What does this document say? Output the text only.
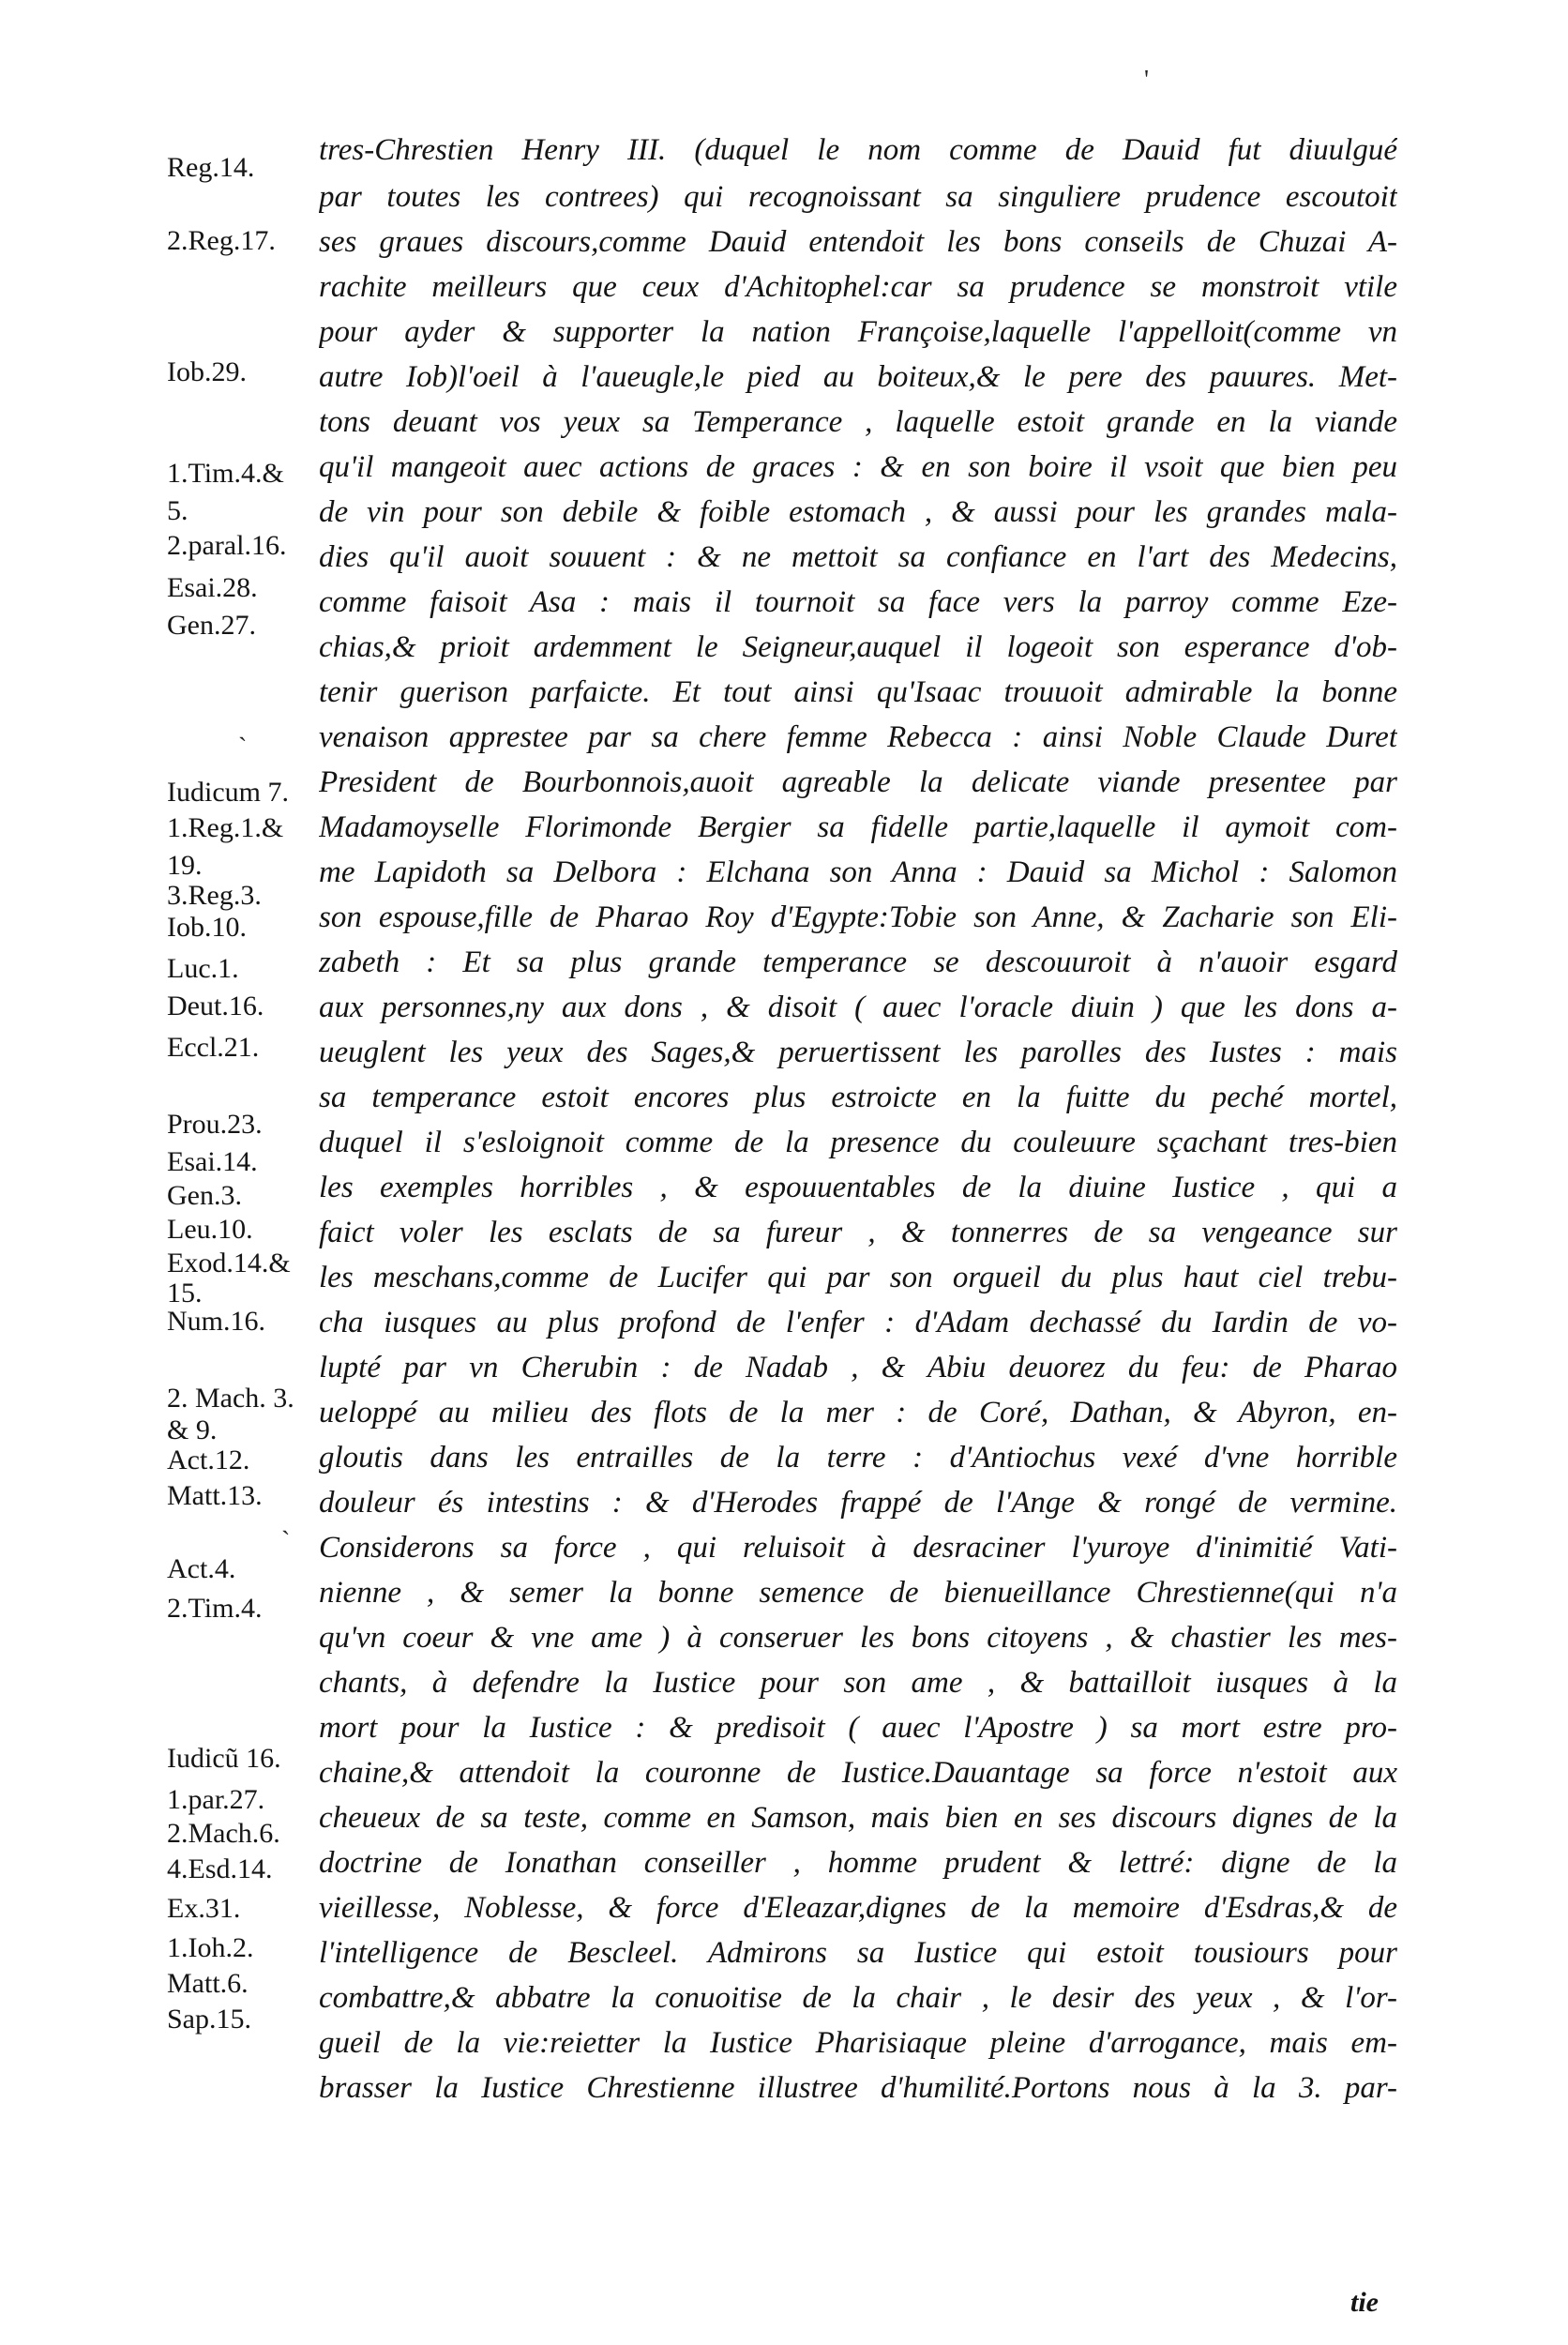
Reg.14.
2.Reg.17.
Iob.29.
1.Tim.4.&
5.
2.paral.16.
Esai.28.
Gen.27.
Iudicum 7.
1.Reg.1.&
19.
3.Reg.3.
Iob.10.
Luc.1.
Deut.16.
Eccl.21.
Prou.23.
Esai.14.
Gen.3.
Leu.10.
Exod.14.&
15.
Num.16.
2. Mach. 3.
& 9.
Act.12.
Matt.13.
Act.4.
2.Tim.4.
Iudicũ 16.
1.par.27.
2.Mach.6.
4.Esd.14.
Ex.31.
1.Ioh.2.
Matt.6.
Sap.15.
'
ˏ
ˏ
tres-Chrestien Henry III. (duquel le nom comme de Dauid fut diuulgué
par toutes les contrees) qui recognoissant sa singuliere prudence escoutoit
ses graues discours,comme Dauid entendoit les bons conseils de Chuzai A-
rachite meilleurs que ceux d'Achitophel:car sa prudence se monstroit vtile
pour ayder & supporter la nation Françoise,laquelle l'appelloit(comme vn
autre Iob)l'oeil à l'aueugle,le pied au boiteux,& le pere des pauures. Met-
tons deuant vos yeux sa Temperance , laquelle estoit grande en la viande
qu'il mangeoit auec actions de graces : & en son boire il vsoit que bien peu
de vin pour son debile & foible estomach , & aussi pour les grandes mala-
dies qu'il auoit souuent : & ne mettoit sa confiance en l'art des Medecins,
comme faisoit Asa : mais il tournoit sa face vers la parroy comme Eze-
chias,& prioit ardemment le Seigneur,auquel il logeoit son esperance d'ob-
tenir guerison parfaicte. Et tout ainsi qu'Isaac trouuoit admirable la bonne
venaison apprestee par sa chere femme Rebecca : ainsi Noble Claude Duret
President de Bourbonnois,auoit agreable la delicate viande presentee par
Madamoyselle Florimonde Bergier sa fidelle partie,laquelle il aymoit com-
me Lapidoth sa Delbora : Elchana son Anna : Dauid sa Michol : Salomon
son espouse,fille de Pharao Roy d'Egypte:Tobie son Anne, & Zacharie son Eli-
zabeth : Et sa plus grande temperance se descouuroit à n'auoir esgard
aux personnes,ny aux dons , & disoit ( auec l'oracle diuin ) que les dons a-
ueuglent les yeux des Sages,& peruertissent les parolles des Iustes : mais
sa temperance estoit encores plus estroicte en la fuitte du peché mortel,
duquel il s'esloignoit comme de la presence du couleuure sçachant tres-bien
les exemples horribles , & espouuentables de la diuine Iustice , qui a
faict voler les esclats de sa fureur , & tonnerres de sa vengeance sur
les meschans,comme de Lucifer qui par son orgueil du plus haut ciel trebu-
cha iusques au plus profond de l'enfer : d'Adam dechassé du Iardin de vo-
lupté par vn Cherubin : de Nadab , & Abiu deuorez du feu: de Pharao
ueloppé au milieu des flots de la mer : de Coré, Dathan, & Abyron, en-
gloutis dans les entrailles de la terre : d'Antiochus vexé d'vne horrible
douleur és intestins : & d'Herodes frappé de l'Ange & rongé de vermine.
Considerons sa force , qui reluisoit à desraciner l'yuroye d'inimitié Vati-
nienne , & semer la bonne semence de bienueillance Chrestienne(qui n'a
qu'vn coeur & vne ame ) à conseruer les bons citoyens , & chastier les mes-
chants, à defendre la Iustice pour son ame , & battailloit iusques à la
mort pour la Iustice : & predisoit ( auec l'Apostre ) sa mort estre pro-
chaine,& attendoit la couronne de Iustice.Dauantage sa force n'estoit aux
cheueux de sa teste, comme en Samson, mais bien en ses discours dignes de la
doctrine de Ionathan conseiller , homme prudent & lettré: digne de la
vieillesse, Noblesse, & force d'Eleazar,dignes de la memoire d'Esdras,& de
l'intelligence de Bescleel. Admirons sa Iustice qui estoit tousiours pour
combattre,& abbatre la conuoitise de la chair , le desir des yeux , & l'or-
gueil de la vie:reietter la Iustice Pharisiaque pleine d'arrogance, mais em-
brasser la Iustice Chrestienne illustree d'humilité.Portons nous à la 3. par-
tie
